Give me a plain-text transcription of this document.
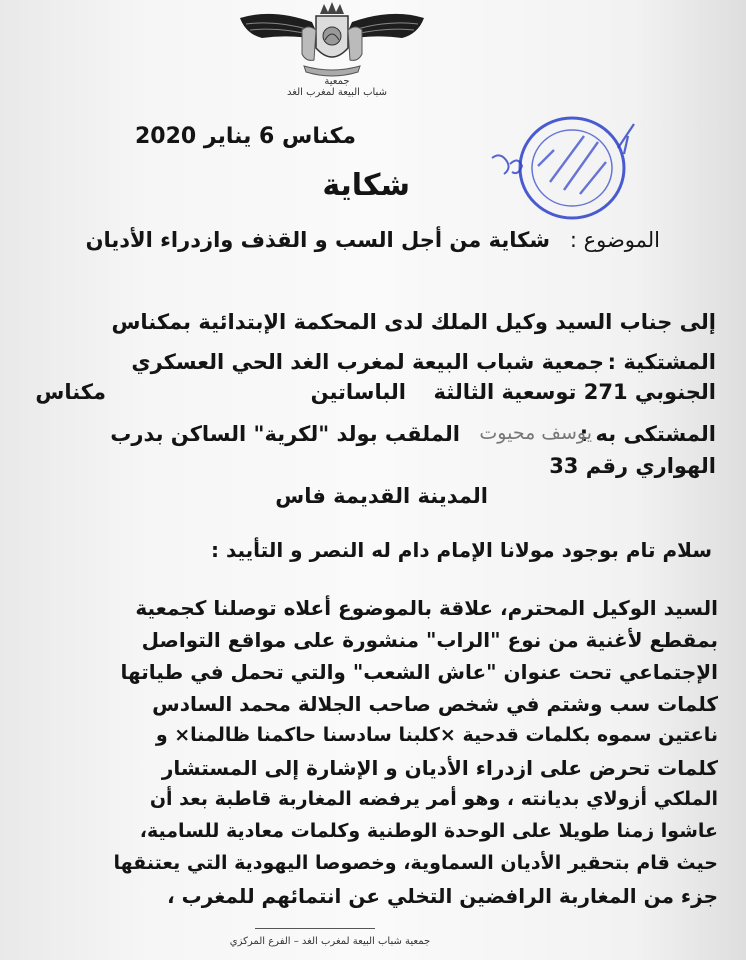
جمعية
شباب البيعة لمغرب الغد
مكناس 6 يناير 2020
شكاية
الموضوع :
شكاية من أجل السب و القذف وازدراء الأديان
إلى جناب السيد وكيل الملك لدى المحكمة الإبتدائية بمكناس
المشتكية :
جمعية شباب البيعة لمغرب الغد الحي العسكري
الجنوبي 271 توسعية الثالثة
الباساتين
مكناس
المشتكى به :
يوسف محيوت
الملقب بولد "لكرية" الساكن بدرب
الهواري رقم 33
المدينة القديمة فاس
سلام تام بوجود مولانا الإمام دام له النصر و التأييد :
السيد الوكيل المحترم، علاقة بالموضوع أعلاه توصلنا كجمعية
بمقطع لأغنية من نوع "الراب" منشورة على مواقع التواصل
الإجتماعي تحت عنوان "عاش الشعب" والتي تحمل في طياتها
كلمات سب وشتم في شخص صاحب الجلالة محمد السادس
ناعتين سموه بكلمات قدحية ×كلبنا سادسنا حاكمنا ظالمنا× و
كلمات تحرض على ازدراء الأديان و الإشارة إلى المستشار
الملكي أزولاي بديانته ، وهو أمر يرفضه المغاربة قاطبة بعد أن
عاشوا زمنا طويلا على الوحدة الوطنية وكلمات معادية للسامية،
حيث قام بتحقير الأديان السماوية، وخصوصا اليهودية التي يعتنقها
جزء من المغاربة الرافضين التخلي عن انتمائهم للمغرب ،
جمعية شباب البيعة لمغرب الغد – الفرع المركزي
